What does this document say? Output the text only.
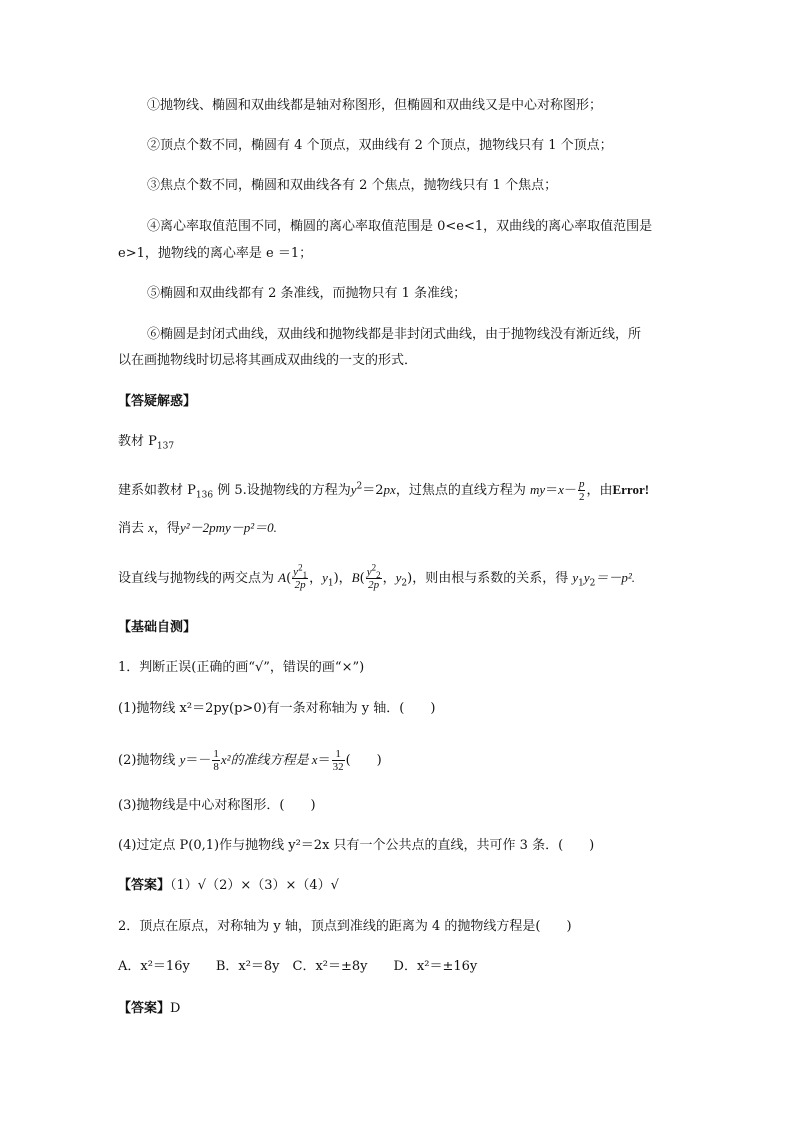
①抛物线、椭圆和双曲线都是轴对称图形，但椭圆和双曲线又是中心对称图形；
②顶点个数不同，椭圆有 4 个顶点，双曲线有 2 个顶点，抛物线只有 1 个顶点；
③焦点个数不同，椭圆和双曲线各有 2 个焦点，抛物线只有 1 个焦点；
④离心率取值范围不同，椭圆的离心率取值范围是 0<e<1，双曲线的离心率取值范围是
e>1，抛物线的离心率是 e ＝1；
⑤椭圆和双曲线都有 2 条准线，而抛物只有 1 条准线；
⑥椭圆是封闭式曲线，双曲线和抛物线都是非封闭式曲线，由于抛物线没有渐近线，所
以在画抛物线时切忌将其画成双曲线的一支的形式．
【答疑解惑】
教材 $P_{137}$
建系如教材 $P_{136}$ 例 5.设抛物线的方程为$y^2=2px$，过焦点的直线方程为 $my=x- \frac{p}{2}$ ，由Error!
消去 x，得y²－2pmy－p²＝0.
设直线与抛物线的两交点为 $A( \frac{y^2_1}{2p}$ ，$y_1$)，$B( \frac{y^2_2}{2p}$ ，$y_2$)，则由根与系数的关系，得 $y_1y_2=-p^2$.
【基础自测】
1．判断正误(正确的画“√”，错误的画“×”)
(1)抛物线 x²＝2py(p>0)有一条对称轴为 y 轴．(　　)
(2)抛物线 $y=- \frac{1}{8} x^2$的准线方程是 $x= \frac{1}{32}$ (　　)
(3)抛物线是中心对称图形．(　　)
(4)过定点 P(0,1)作与抛物线 y²＝2x 只有一个公共点的直线，共可作 3 条．(　　)
【答案】（1）√（2）×（3）×（4）√
2．顶点在原点，对称轴为 y 轴，顶点到准线的距离为 4 的抛物线方程是(　　)
A．x²＝16y　　B．x²＝8y　C．x²＝±8y　　D．x²＝±16y
【答案】D
